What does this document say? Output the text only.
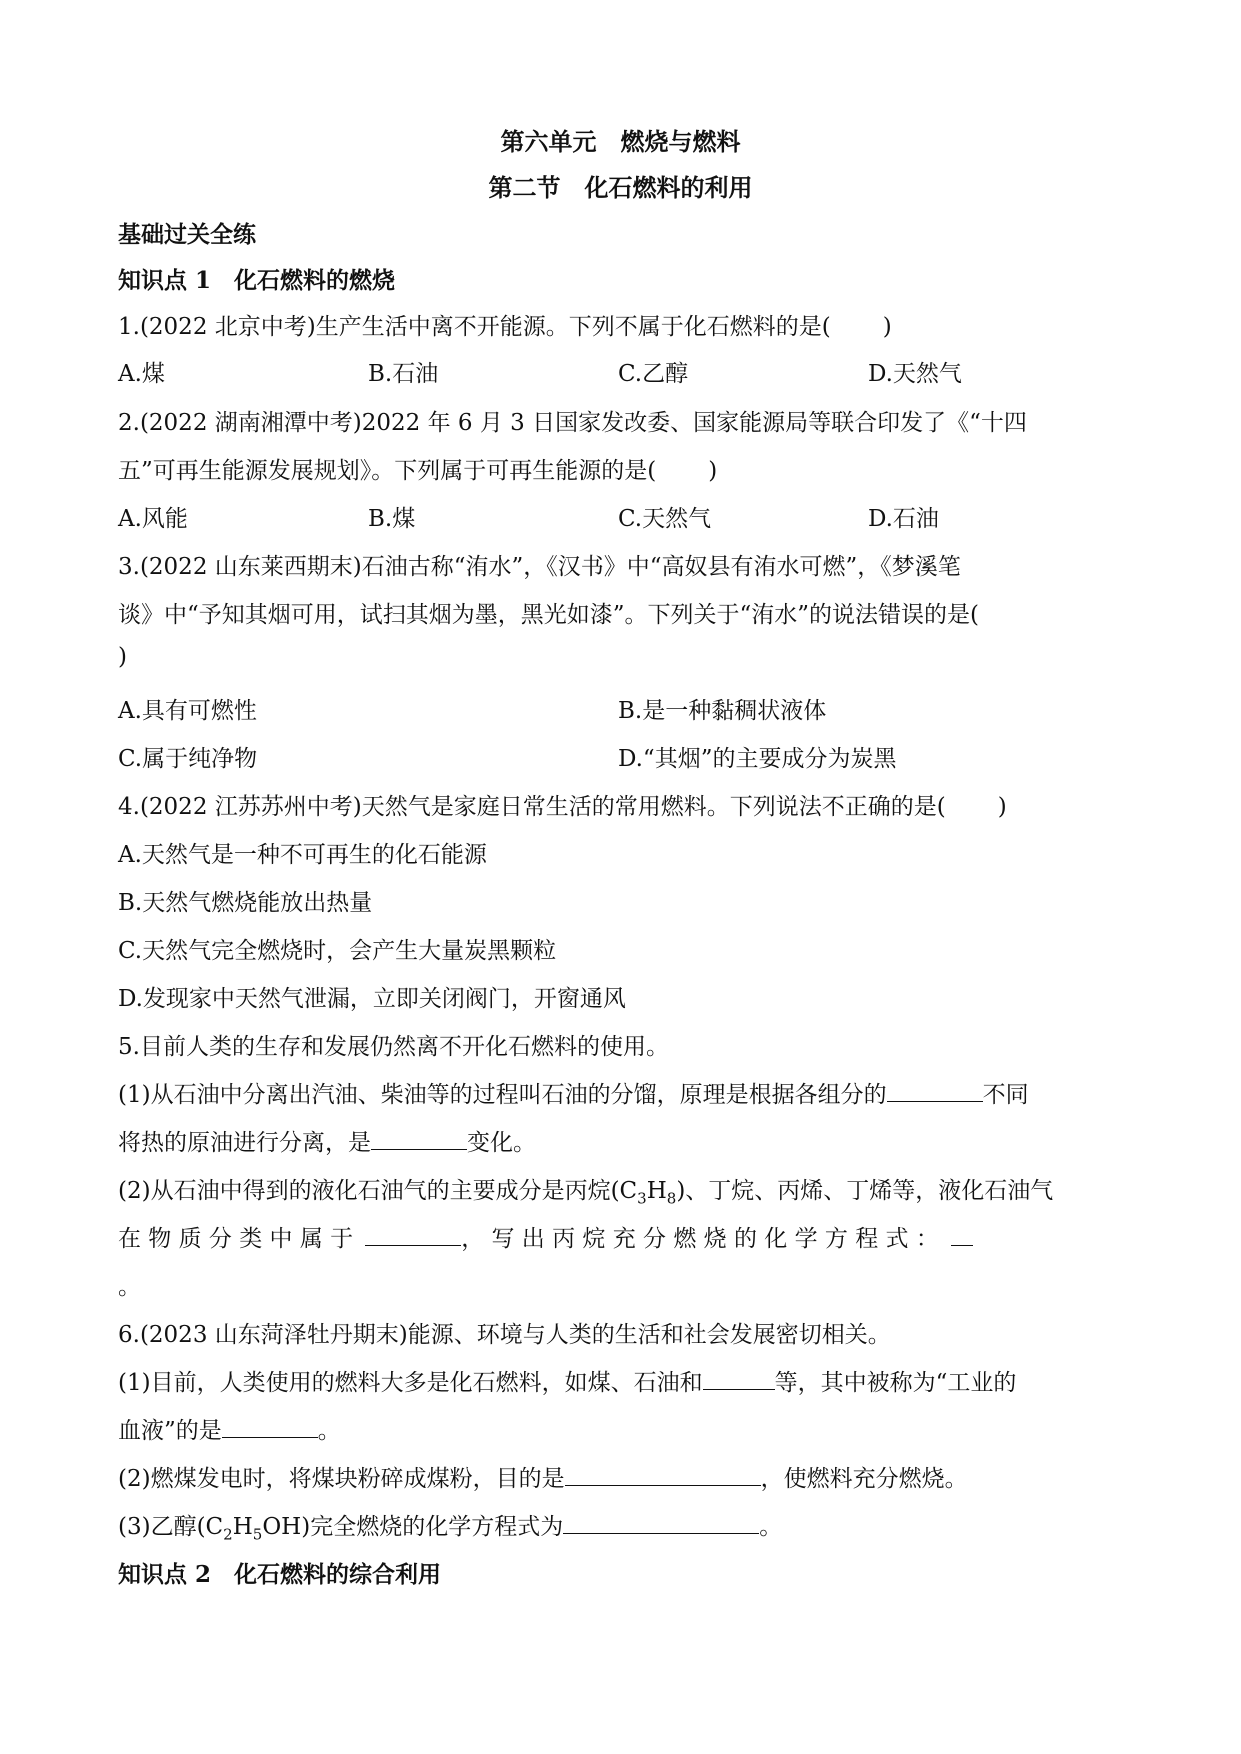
第六单元　燃烧与燃料
第二节　化石燃料的利用
基础过关全练
知识点 1　化石燃料的燃烧
1.(2022 北京中考)生产生活中离不开能源。下列不属于化石燃料的是( )
A.煤	B.石油	C.乙醇	D.天然气
2.(2022 湖南湘潭中考)2022 年 6 月 3 日国家发改委、国家能源局等联合印发了《“十四
五”可再生能源发展规划》。下列属于可再生能源的是( )
A.风能	B.煤	C.天然气	D.石油
3.(2022 山东莱西期末)石油古称“洧水”，《汉书》中“高奴县有洧水可燃”，《梦溪笔
谈》中“予知其烟可用，试扫其烟为墨，黑光如漆”。下列关于“洧水”的说法错误的是(
)
A.具有可燃性	B.是一种黏稠状液体
C.属于纯净物	D.“其烟”的主要成分为炭黑
4.(2022 江苏苏州中考)天然气是家庭日常生活的常用燃料。下列说法不正确的是( )
A.天然气是一种不可再生的化石能源
B.天然气燃烧能放出热量
C.天然气完全燃烧时，会产生大量炭黑颗粒
D.发现家中天然气泄漏，立即关闭阀门，开窗通风
5.目前人类的生存和发展仍然离不开化石燃料的使用。
(1)从石油中分离出汽油、柴油等的过程叫石油的分馏，原理是根据各组分的	不同
将热的原油进行分离，是	变化。
(2)从石油中得到的液化石油气的主要成分是丙烷$(C_3H_8)$、丁烷、丙烯、丁烯等，液化石油气
在 物 质 分 类 中 属 于	， 写 出 丙 烷 充 分 燃 烧 的 化 学 方 程 式 ：
。
6.(2023 山东菏泽牡丹期末)能源、环境与人类的生活和社会发展密切相关。
(1)目前，人类使用的燃料大多是化石燃料，如煤、石油和	等，其中被称为“工业的
血液”的是	。
(2)燃煤发电时，将煤块粉碎成煤粉，目的是	，使燃料充分燃烧。
(3)乙醇$(C_2H_5OH)$完全燃烧的化学方程式为	。
知识点 2　化石燃料的综合利用
